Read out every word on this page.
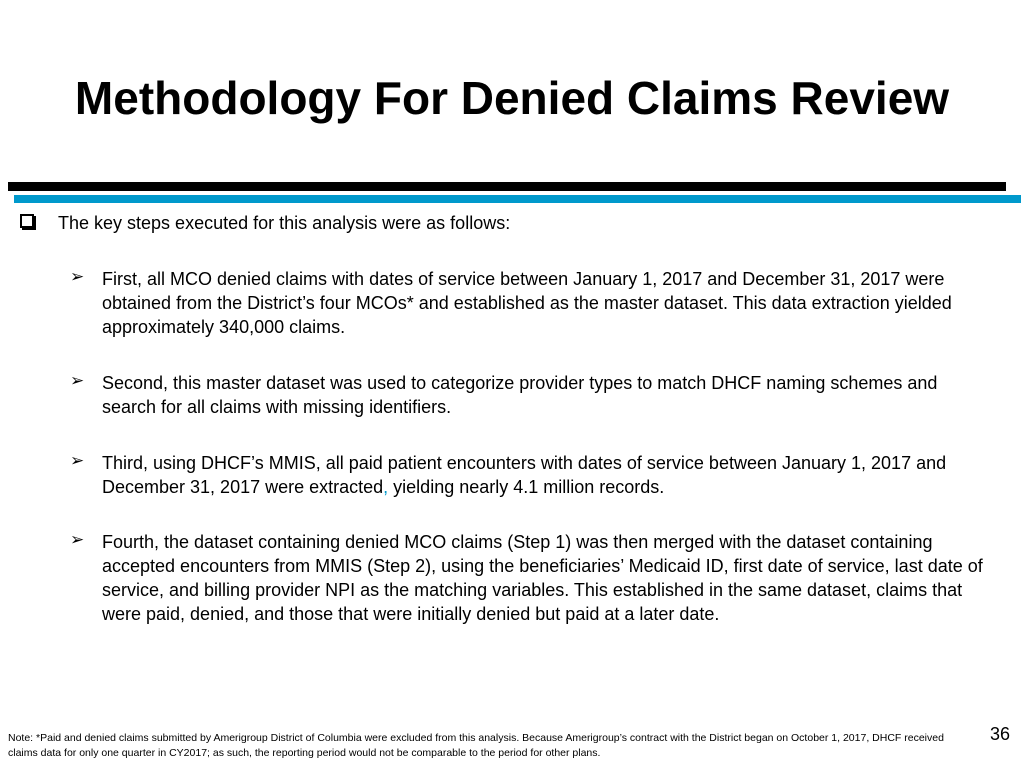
Methodology For Denied Claims Review
The key steps executed for this analysis were as follows:
➢ First, all MCO denied claims with dates of service between January 1, 2017 and December 31, 2017 were obtained from the District’s four MCOs* and established as the master dataset. This data extraction yielded approximately 340,000 claims.
➢ Second, this master dataset was used to categorize provider types to match DHCF naming schemes and search for all claims with missing identifiers.
➢ Third, using DHCF’s MMIS, all paid patient encounters with dates of service between January 1, 2017 and December 31, 2017 were extracted, yielding nearly 4.1 million records.
➢ Fourth, the dataset containing denied MCO claims (Step 1) was then merged with the dataset containing accepted encounters from MMIS (Step 2), using the beneficiaries’ Medicaid ID, first date of service, last date of service, and billing provider NPI as the matching variables. This established in the same dataset, claims that were paid, denied, and those that were initially denied but paid at a later date.
Note: *Paid and denied claims submitted by Amerigroup District of Columbia were excluded from this analysis. Because Amerigroup’s contract with the District began on October 1, 2017, DHCF received claims data for only one quarter in CY2017; as such, the reporting period would not be comparable to the period for other plans.
36
